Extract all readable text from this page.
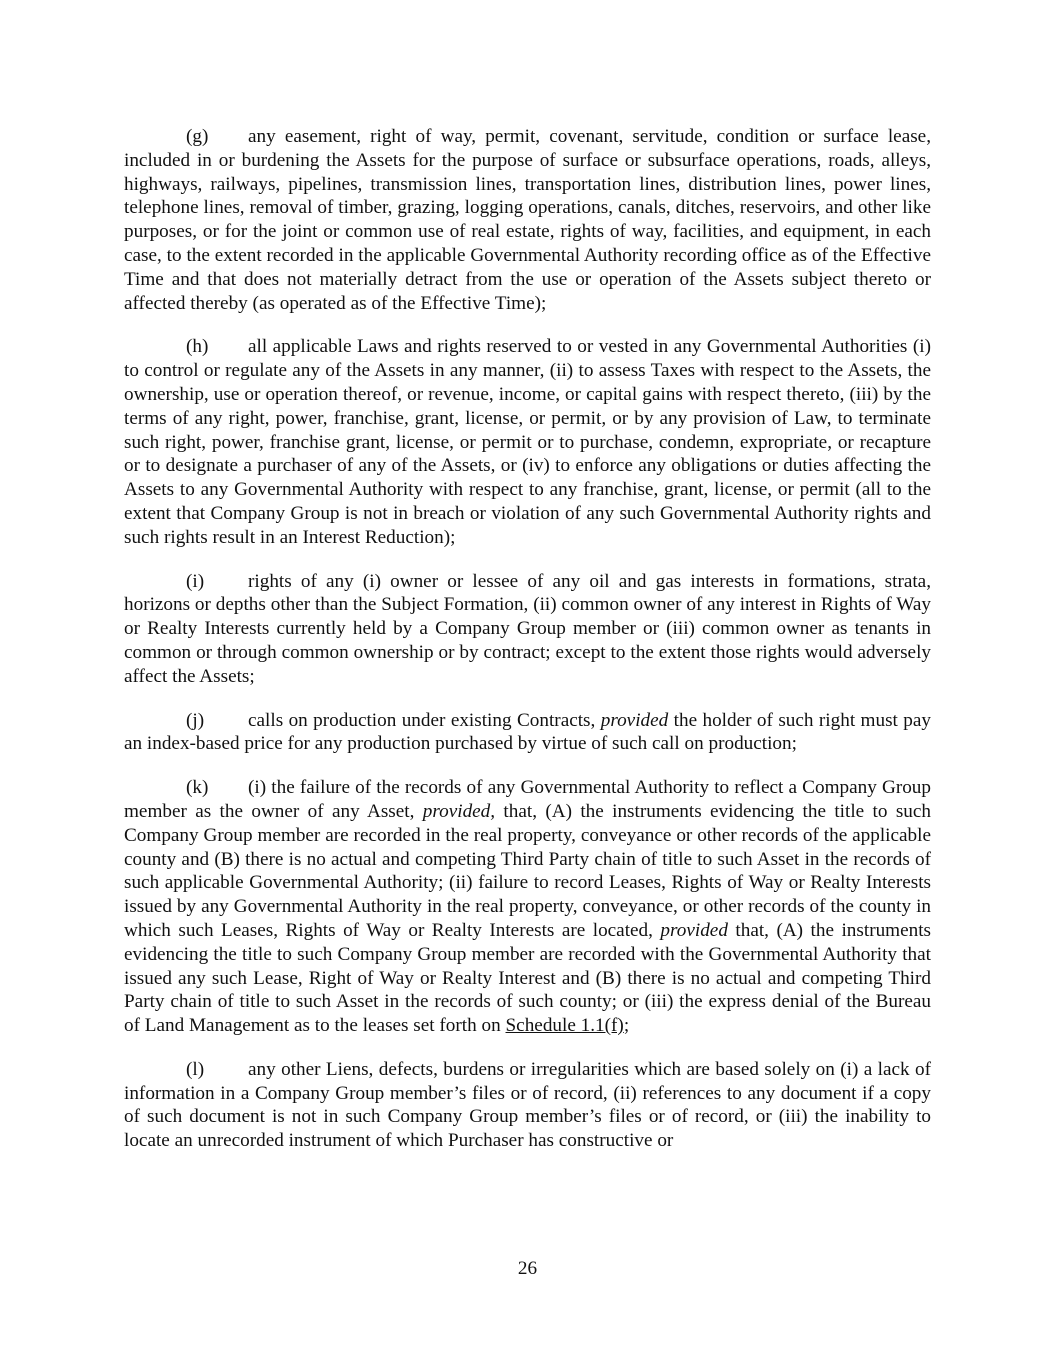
(g) any easement, right of way, permit, covenant, servitude, condition or surface lease, included in or burdening the Assets for the purpose of surface or subsurface operations, roads, alleys, highways, railways, pipelines, transmission lines, transportation lines, distribution lines, power lines, telephone lines, removal of timber, grazing, logging operations, canals, ditches, reservoirs, and other like purposes, or for the joint or common use of real estate, rights of way, facilities, and equipment, in each case, to the extent recorded in the applicable Governmental Authority recording office as of the Effective Time and that does not materially detract from the use or operation of the Assets subject thereto or affected thereby (as operated as of the Effective Time);

(h) all applicable Laws and rights reserved to or vested in any Governmental Authorities (i) to control or regulate any of the Assets in any manner, (ii) to assess Taxes with respect to the Assets, the ownership, use or operation thereof, or revenue, income, or capital gains with respect thereto, (iii) by the terms of any right, power, franchise, grant, license, or permit, or by any provision of Law, to terminate such right, power, franchise grant, license, or permit or to purchase, condemn, expropriate, or recapture or to designate a purchaser of any of the Assets, or (iv) to enforce any obligations or duties affecting the Assets to any Governmental Authority with respect to any franchise, grant, license, or permit (all to the extent that Company Group is not in breach or violation of any such Governmental Authority rights and such rights result in an Interest Reduction);

(i) rights of any (i) owner or lessee of any oil and gas interests in formations, strata, horizons or depths other than the Subject Formation, (ii) common owner of any interest in Rights of Way or Realty Interests currently held by a Company Group member or (iii) common owner as tenants in common or through common ownership or by contract; except to the extent those rights would adversely affect the Assets;

(j) calls on production under existing Contracts, provided the holder of such right must pay an index-based price for any production purchased by virtue of such call on production;

(k) (i) the failure of the records of any Governmental Authority to reflect a Company Group member as the owner of any Asset, provided, that, (A) the instruments evidencing the title to such Company Group member are recorded in the real property, conveyance or other records of the applicable county and (B) there is no actual and competing Third Party chain of title to such Asset in the records of such applicable Governmental Authority; (ii) failure to record Leases, Rights of Way or Realty Interests issued by any Governmental Authority in the real property, conveyance, or other records of the county in which such Leases, Rights of Way or Realty Interests are located, provided that, (A) the instruments evidencing the title to such Company Group member are recorded with the Governmental Authority that issued any such Lease, Right of Way or Realty Interest and (B) there is no actual and competing Third Party chain of title to such Asset in the records of such county; or (iii) the express denial of the Bureau of Land Management as to the leases set forth on Schedule 1.1(f);

(l) any other Liens, defects, burdens or irregularities which are based solely on (i) a lack of information in a Company Group member’s files or of record, (ii) references to any document if a copy of such document is not in such Company Group member’s files or of record, or (iii) the inability to locate an unrecorded instrument of which Purchaser has constructive or

26
